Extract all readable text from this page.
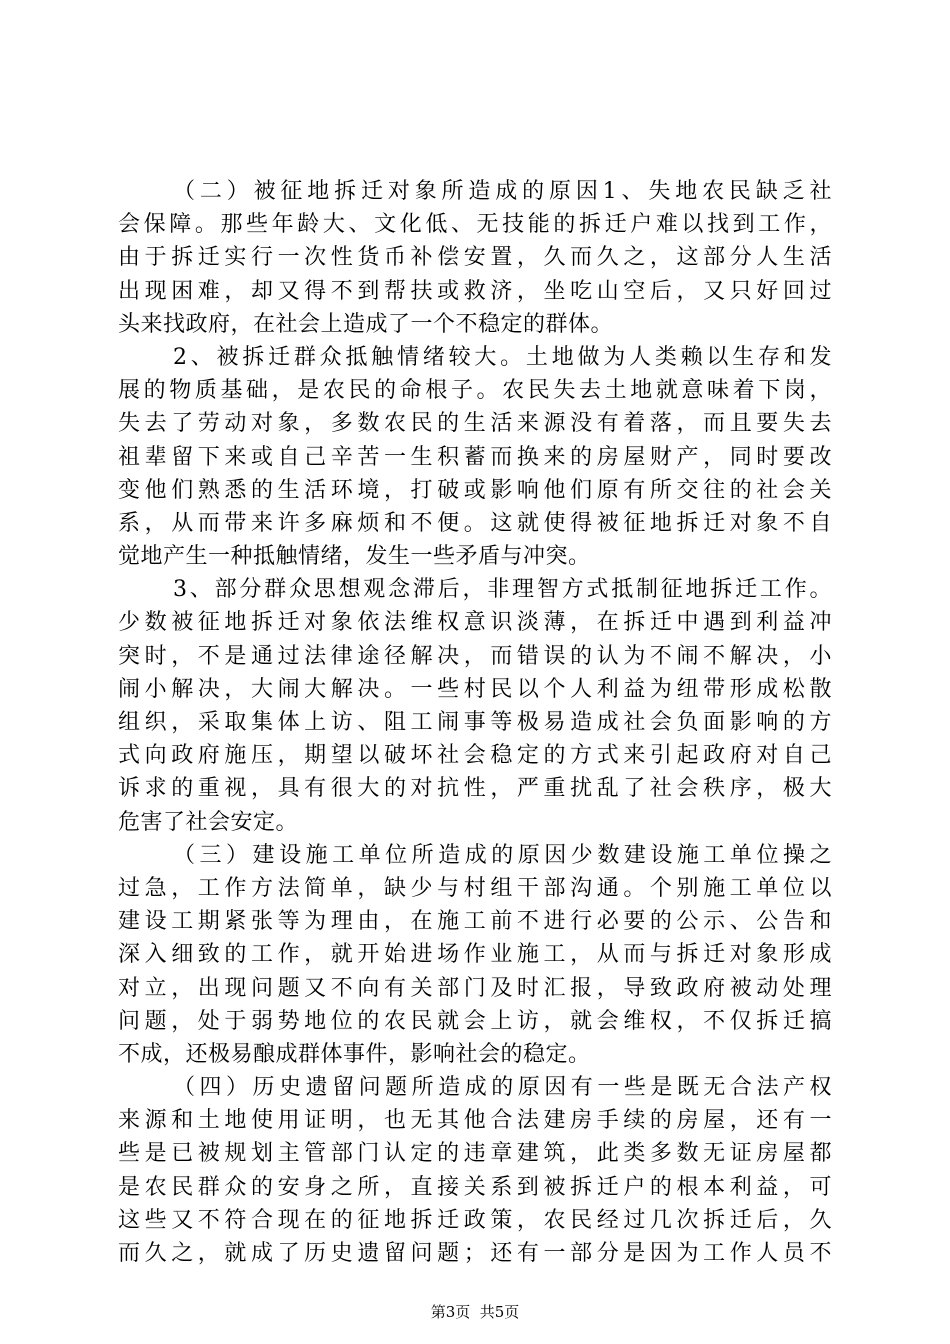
（二）被征地拆迁对象所造成的原因1、失地农民缺乏社
会保障。那些年龄大、文化低、无技能的拆迁户难以找到工作，
由于拆迁实行一次性货币补偿安置，久而久之，这部分人生活
出现困难，却又得不到帮扶或救济，坐吃山空后，又只好回过
头来找政府，在社会上造成了一个不稳定的群体。
2、被拆迁群众抵触情绪较大。土地做为人类赖以生存和发
展的物质基础，是农民的命根子。农民失去土地就意味着下岗，
失去了劳动对象，多数农民的生活来源没有着落，而且要失去
祖辈留下来或自己辛苦一生积蓄而换来的房屋财产，同时要改
变他们熟悉的生活环境，打破或影响他们原有所交往的社会关
系，从而带来许多麻烦和不便。这就使得被征地拆迁对象不自
觉地产生一种抵触情绪，发生一些矛盾与冲突。
3、部分群众思想观念滞后，非理智方式抵制征地拆迁工作。
少数被征地拆迁对象依法维权意识淡薄，在拆迁中遇到利益冲
突时，不是通过法律途径解决，而错误的认为不闹不解决，小
闹小解决，大闹大解决。一些村民以个人利益为纽带形成松散
组织，采取集体上访、阻工闹事等极易造成社会负面影响的方
式向政府施压，期望以破坏社会稳定的方式来引起政府对自己
诉求的重视，具有很大的对抗性，严重扰乱了社会秩序，极大
危害了社会安定。
（三）建设施工单位所造成的原因少数建设施工单位操之
过急，工作方法简单，缺少与村组干部沟通。个别施工单位以
建设工期紧张等为理由，在施工前不进行必要的公示、公告和
深入细致的工作，就开始进场作业施工，从而与拆迁对象形成
对立，出现问题又不向有关部门及时汇报，导致政府被动处理
问题，处于弱势地位的农民就会上访，就会维权，不仅拆迁搞
不成，还极易酿成群体事件，影响社会的稳定。
（四）历史遗留问题所造成的原因有一些是既无合法产权
来源和土地使用证明，也无其他合法建房手续的房屋，还有一
些是已被规划主管部门认定的违章建筑，此类多数无证房屋都
是农民群众的安身之所，直接关系到被拆迁户的根本利益，可
这些又不符合现在的征地拆迁政策，农民经过几次拆迁后，久
而久之，就成了历史遗留问题；还有一部分是因为工作人员不
第3页  共5页
